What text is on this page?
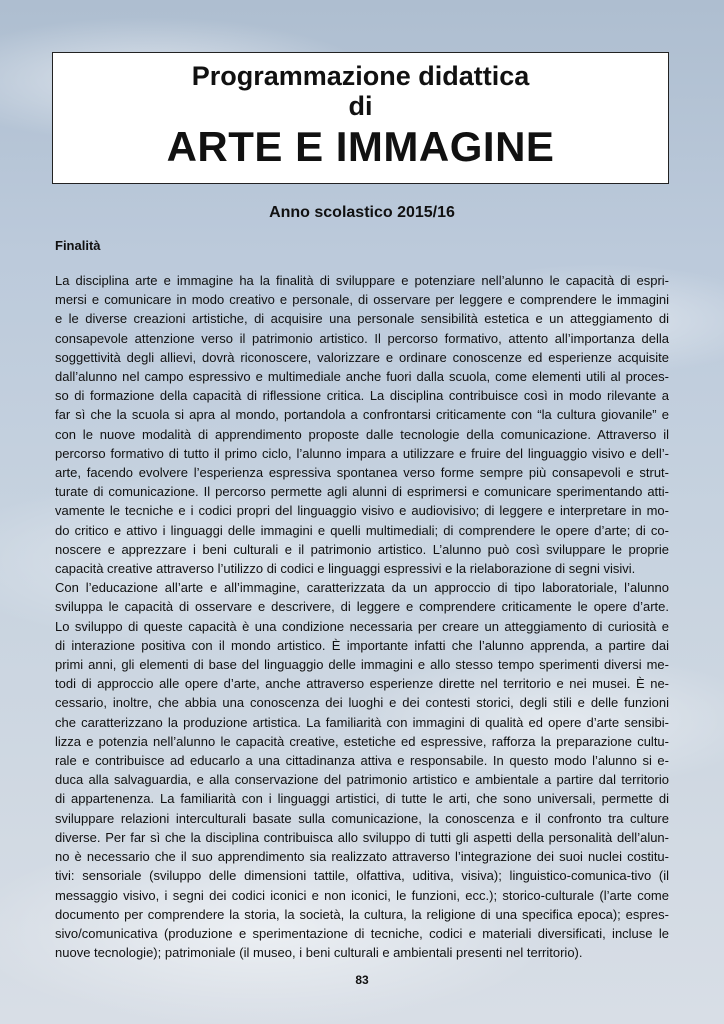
Programmazione didattica
di
ARTE E IMMAGINE
Anno scolastico 2015/16
Finalità

La disciplina arte e immagine ha la finalità di sviluppare e potenziare nell’alunno le capacità di espri-

mersi e comunicare in modo creativo e personale, di osservare per leggere e comprendere le immagini

e le diverse creazioni artistiche, di acquisire una personale sensibilità estetica e un atteggiamento di

consapevole attenzione verso il patrimonio artistico. Il percorso formativo, attento all’importanza della

soggettività degli allievi, dovrà riconoscere, valorizzare e ordinare conoscenze ed esperienze acquisite

dall’alunno nel campo espressivo e multimediale anche fuori dalla scuola, come elementi utili al proces-

so di formazione della capacità di riflessione critica. La disciplina contribuisce così in modo rilevante a

far sì che la scuola si apra al mondo, portandola a confrontarsi criticamente con “la cultura giovanile” e

con le nuove modalità di apprendimento proposte dalle tecnologie della comunicazione. Attraverso il

percorso formativo di tutto il primo ciclo, l’alunno impara a utilizzare e fruire del linguaggio visivo e dell’-

arte, facendo evolvere l’esperienza espressiva spontanea verso forme sempre più consapevoli e strut-

turate di comunicazione. Il percorso permette agli alunni di esprimersi e comunicare sperimentando atti-

vamente le tecniche e i codici propri del linguaggio visivo e audiovisivo; di leggere e interpretare in mo-

do critico e attivo i linguaggi delle immagini e quelli multimediali; di comprendere le opere d’arte; di co-

noscere e apprezzare i beni culturali e il patrimonio artistico. L’alunno può così sviluppare le proprie

capacità creative attraverso l’utilizzo di codici e linguaggi espressivi e la rielaborazione di segni visivi.

Con l’educazione all’arte e all’immagine, caratterizzata da un approccio di tipo laboratoriale, l’alunno

sviluppa le capacità di osservare e descrivere, di leggere e comprendere criticamente le opere d’arte.

Lo sviluppo di queste capacità è una condizione necessaria per creare un atteggiamento di curiosità e

di interazione positiva con il mondo artistico. È importante infatti che l’alunno apprenda, a partire dai

primi anni, gli elementi di base del linguaggio delle immagini e allo stesso tempo sperimenti diversi me-

todi di approccio alle opere d’arte, anche attraverso esperienze dirette nel territorio e nei musei. È ne-

cessario, inoltre, che abbia una conoscenza dei luoghi e dei contesti storici, degli stili e delle funzioni

che caratterizzano la produzione artistica. La familiarità con immagini di qualità ed opere d’arte sensibi-

lizza e potenzia nell’alunno le capacità creative, estetiche ed espressive, rafforza la preparazione cultu-

rale e contribuisce ad educarlo a una cittadinanza attiva e responsabile. In questo modo l’alunno si e-

duca alla salvaguardia, e alla conservazione del patrimonio artistico e ambientale a partire dal territorio

di appartenenza. La familiarità con i linguaggi artistici, di tutte le arti, che sono universali, permette di

sviluppare relazioni interculturali basate sulla comunicazione, la conoscenza e il confronto tra culture

diverse. Per far sì che la disciplina contribuisca allo sviluppo di tutti gli aspetti della personalità dell’alun-

no è necessario che il suo apprendimento sia realizzato attraverso l’integrazione dei suoi nuclei costitu-

tivi: sensoriale (sviluppo delle dimensioni tattile, olfattiva, uditiva, visiva); linguistico-comunica-tivo (il

messaggio visivo, i segni dei codici iconici e non iconici, le funzioni, ecc.); storico-culturale (l’arte come

documento per comprendere la storia, la società, la cultura, la religione di una specifica epoca); espres-

sivo/comunicativa (produzione e sperimentazione di tecniche, codici e materiali diversificati, incluse le

nuove tecnologie); patrimoniale (il museo, i beni culturali e ambientali presenti nel territorio).

83
